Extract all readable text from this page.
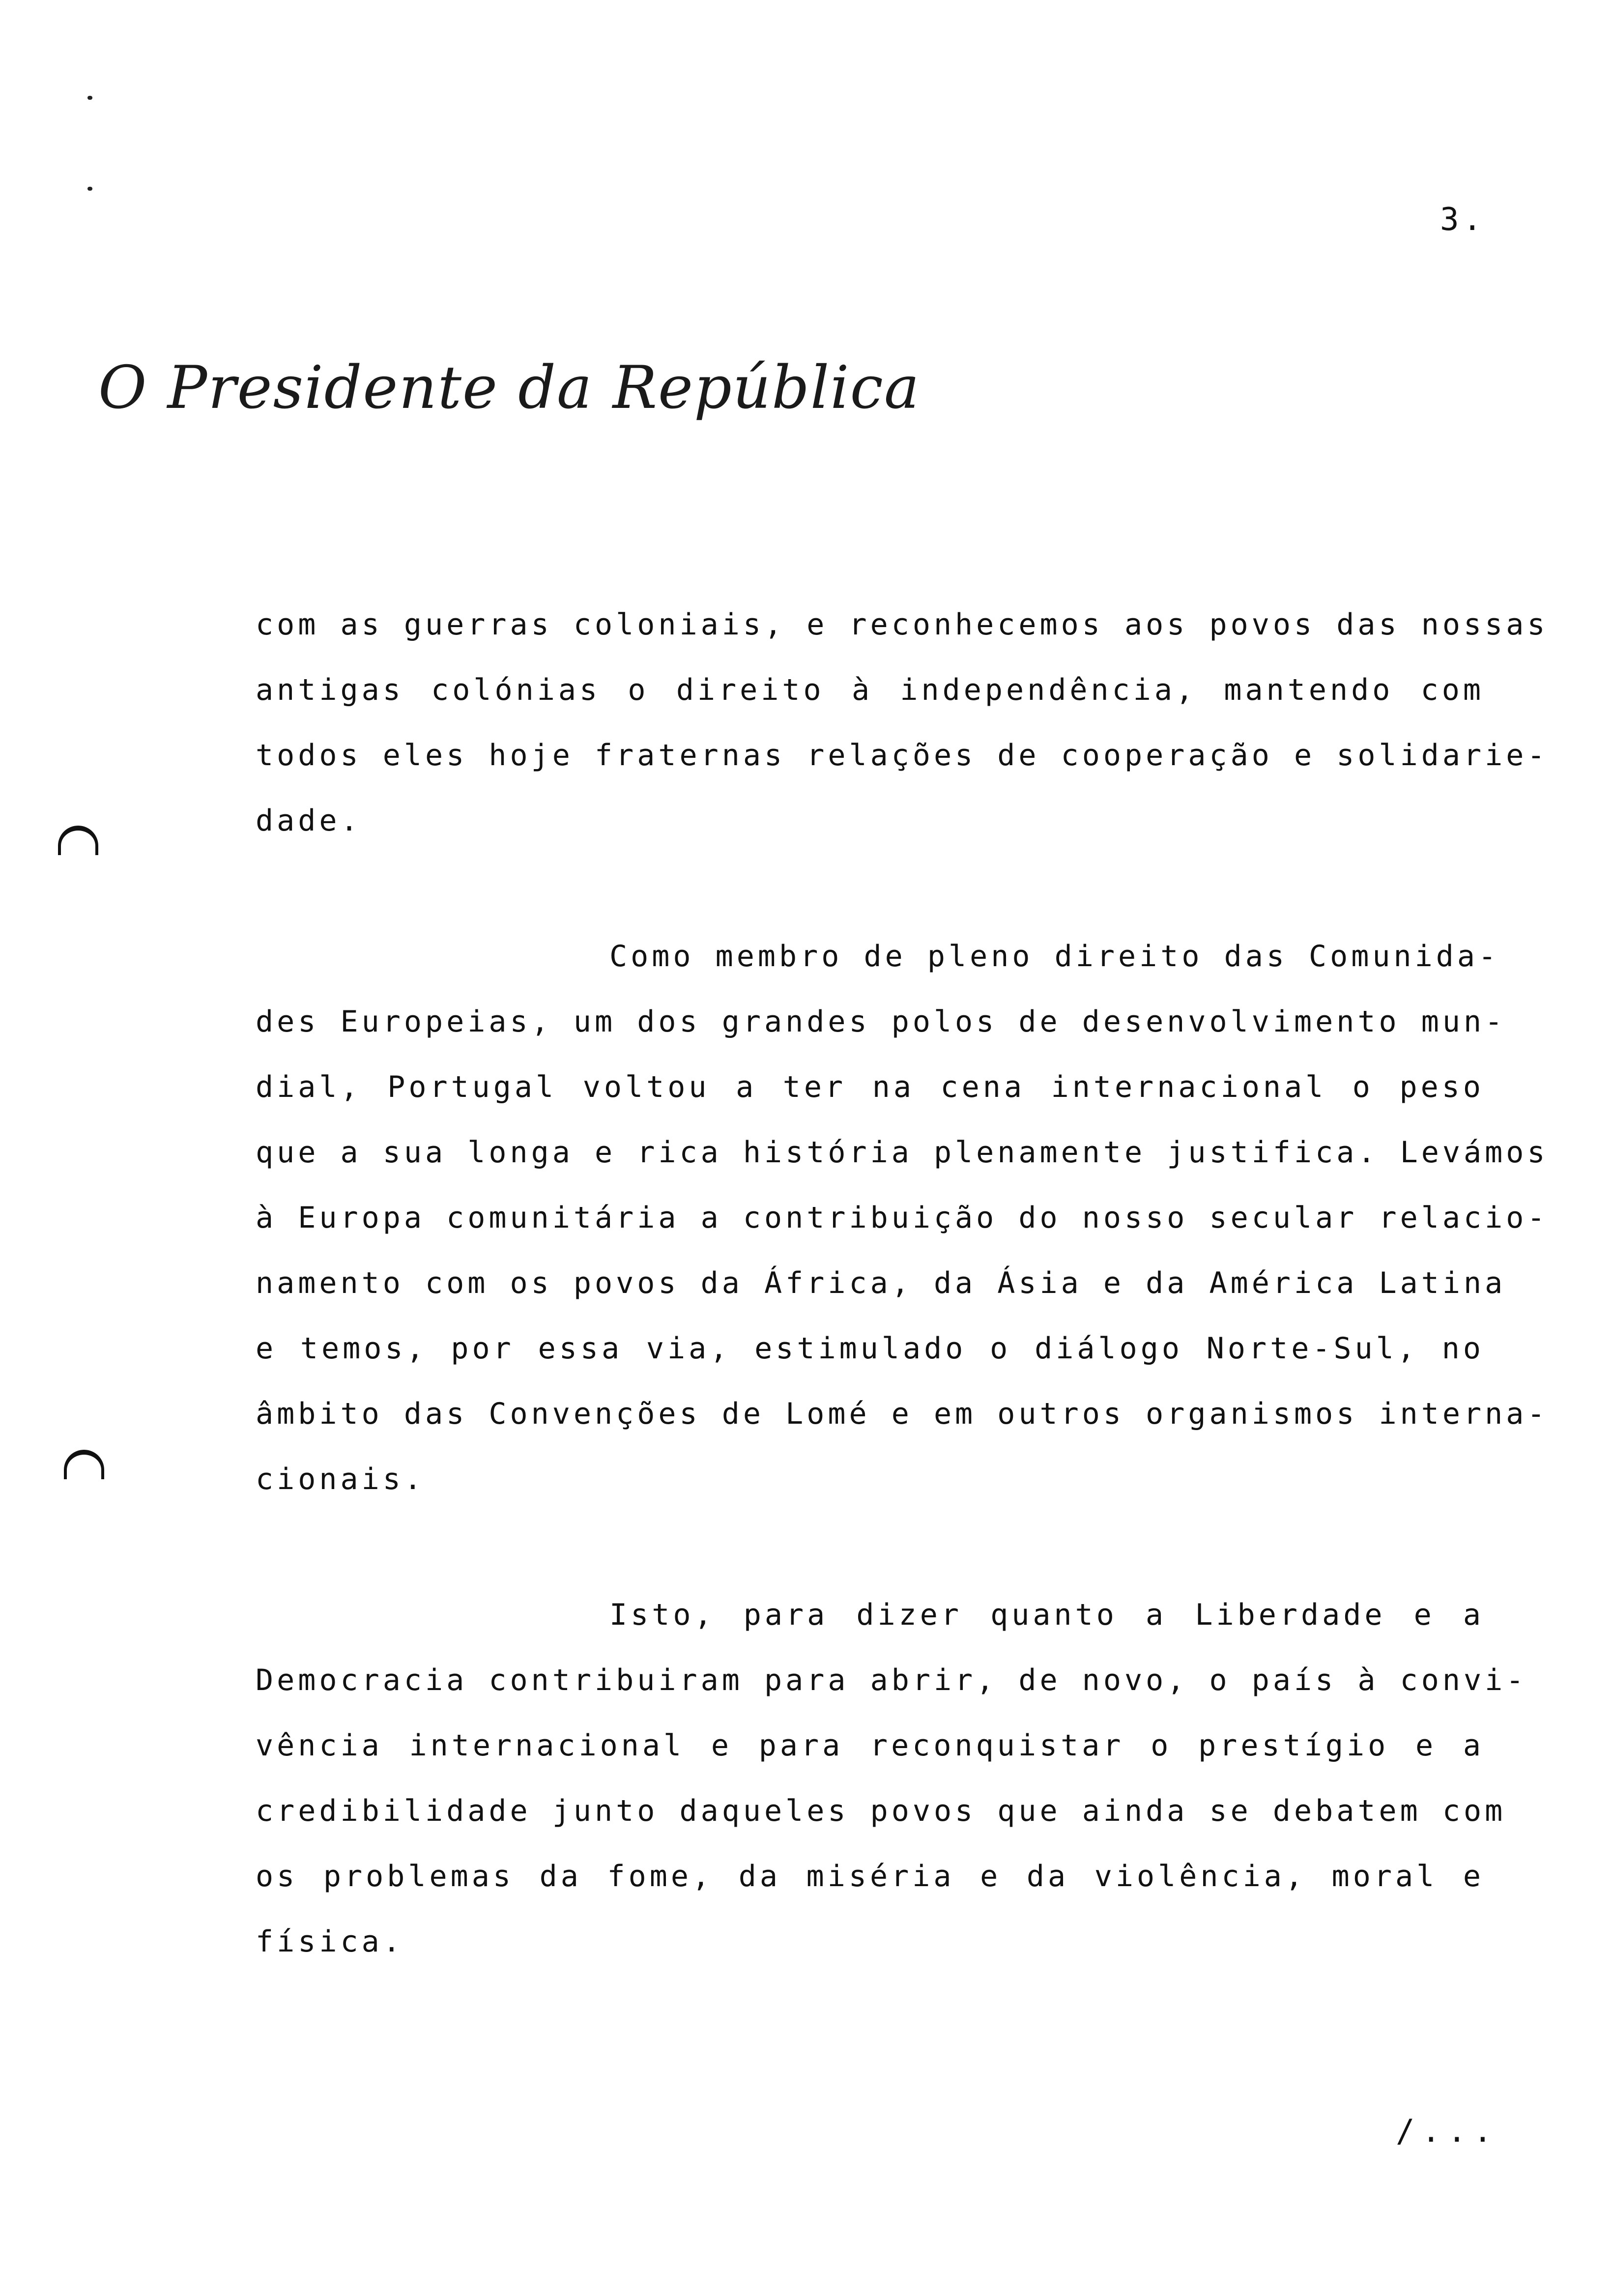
3.
O Presidente da República
com as guerras coloniais, e reconhecemos aos povos das nossas
antigas colónias o direito à independência, mantendo com
todos eles hoje fraternas relações de cooperação e solidarie-
dade.
Como membro de pleno direito das Comunida-
des Europeias, um dos grandes polos de desenvolvimento mun-
dial, Portugal voltou a ter na cena internacional o peso
que a sua longa e rica história plenamente justifica. Levámos
à Europa comunitária a contribuição do nosso secular relacio-
namento com os povos da África, da Ásia e da América Latina
e temos, por essa via, estimulado o diálogo Norte-Sul, no
âmbito das Convenções de Lomé e em outros organismos interna-
cionais.
Isto, para dizer quanto a Liberdade e a
Democracia contribuiram para abrir, de novo, o país à convi-
vência internacional e para reconquistar o prestígio e a
credibilidade junto daqueles povos que ainda se debatem com
os problemas da fome, da miséria e da violência, moral e
física.
/...
